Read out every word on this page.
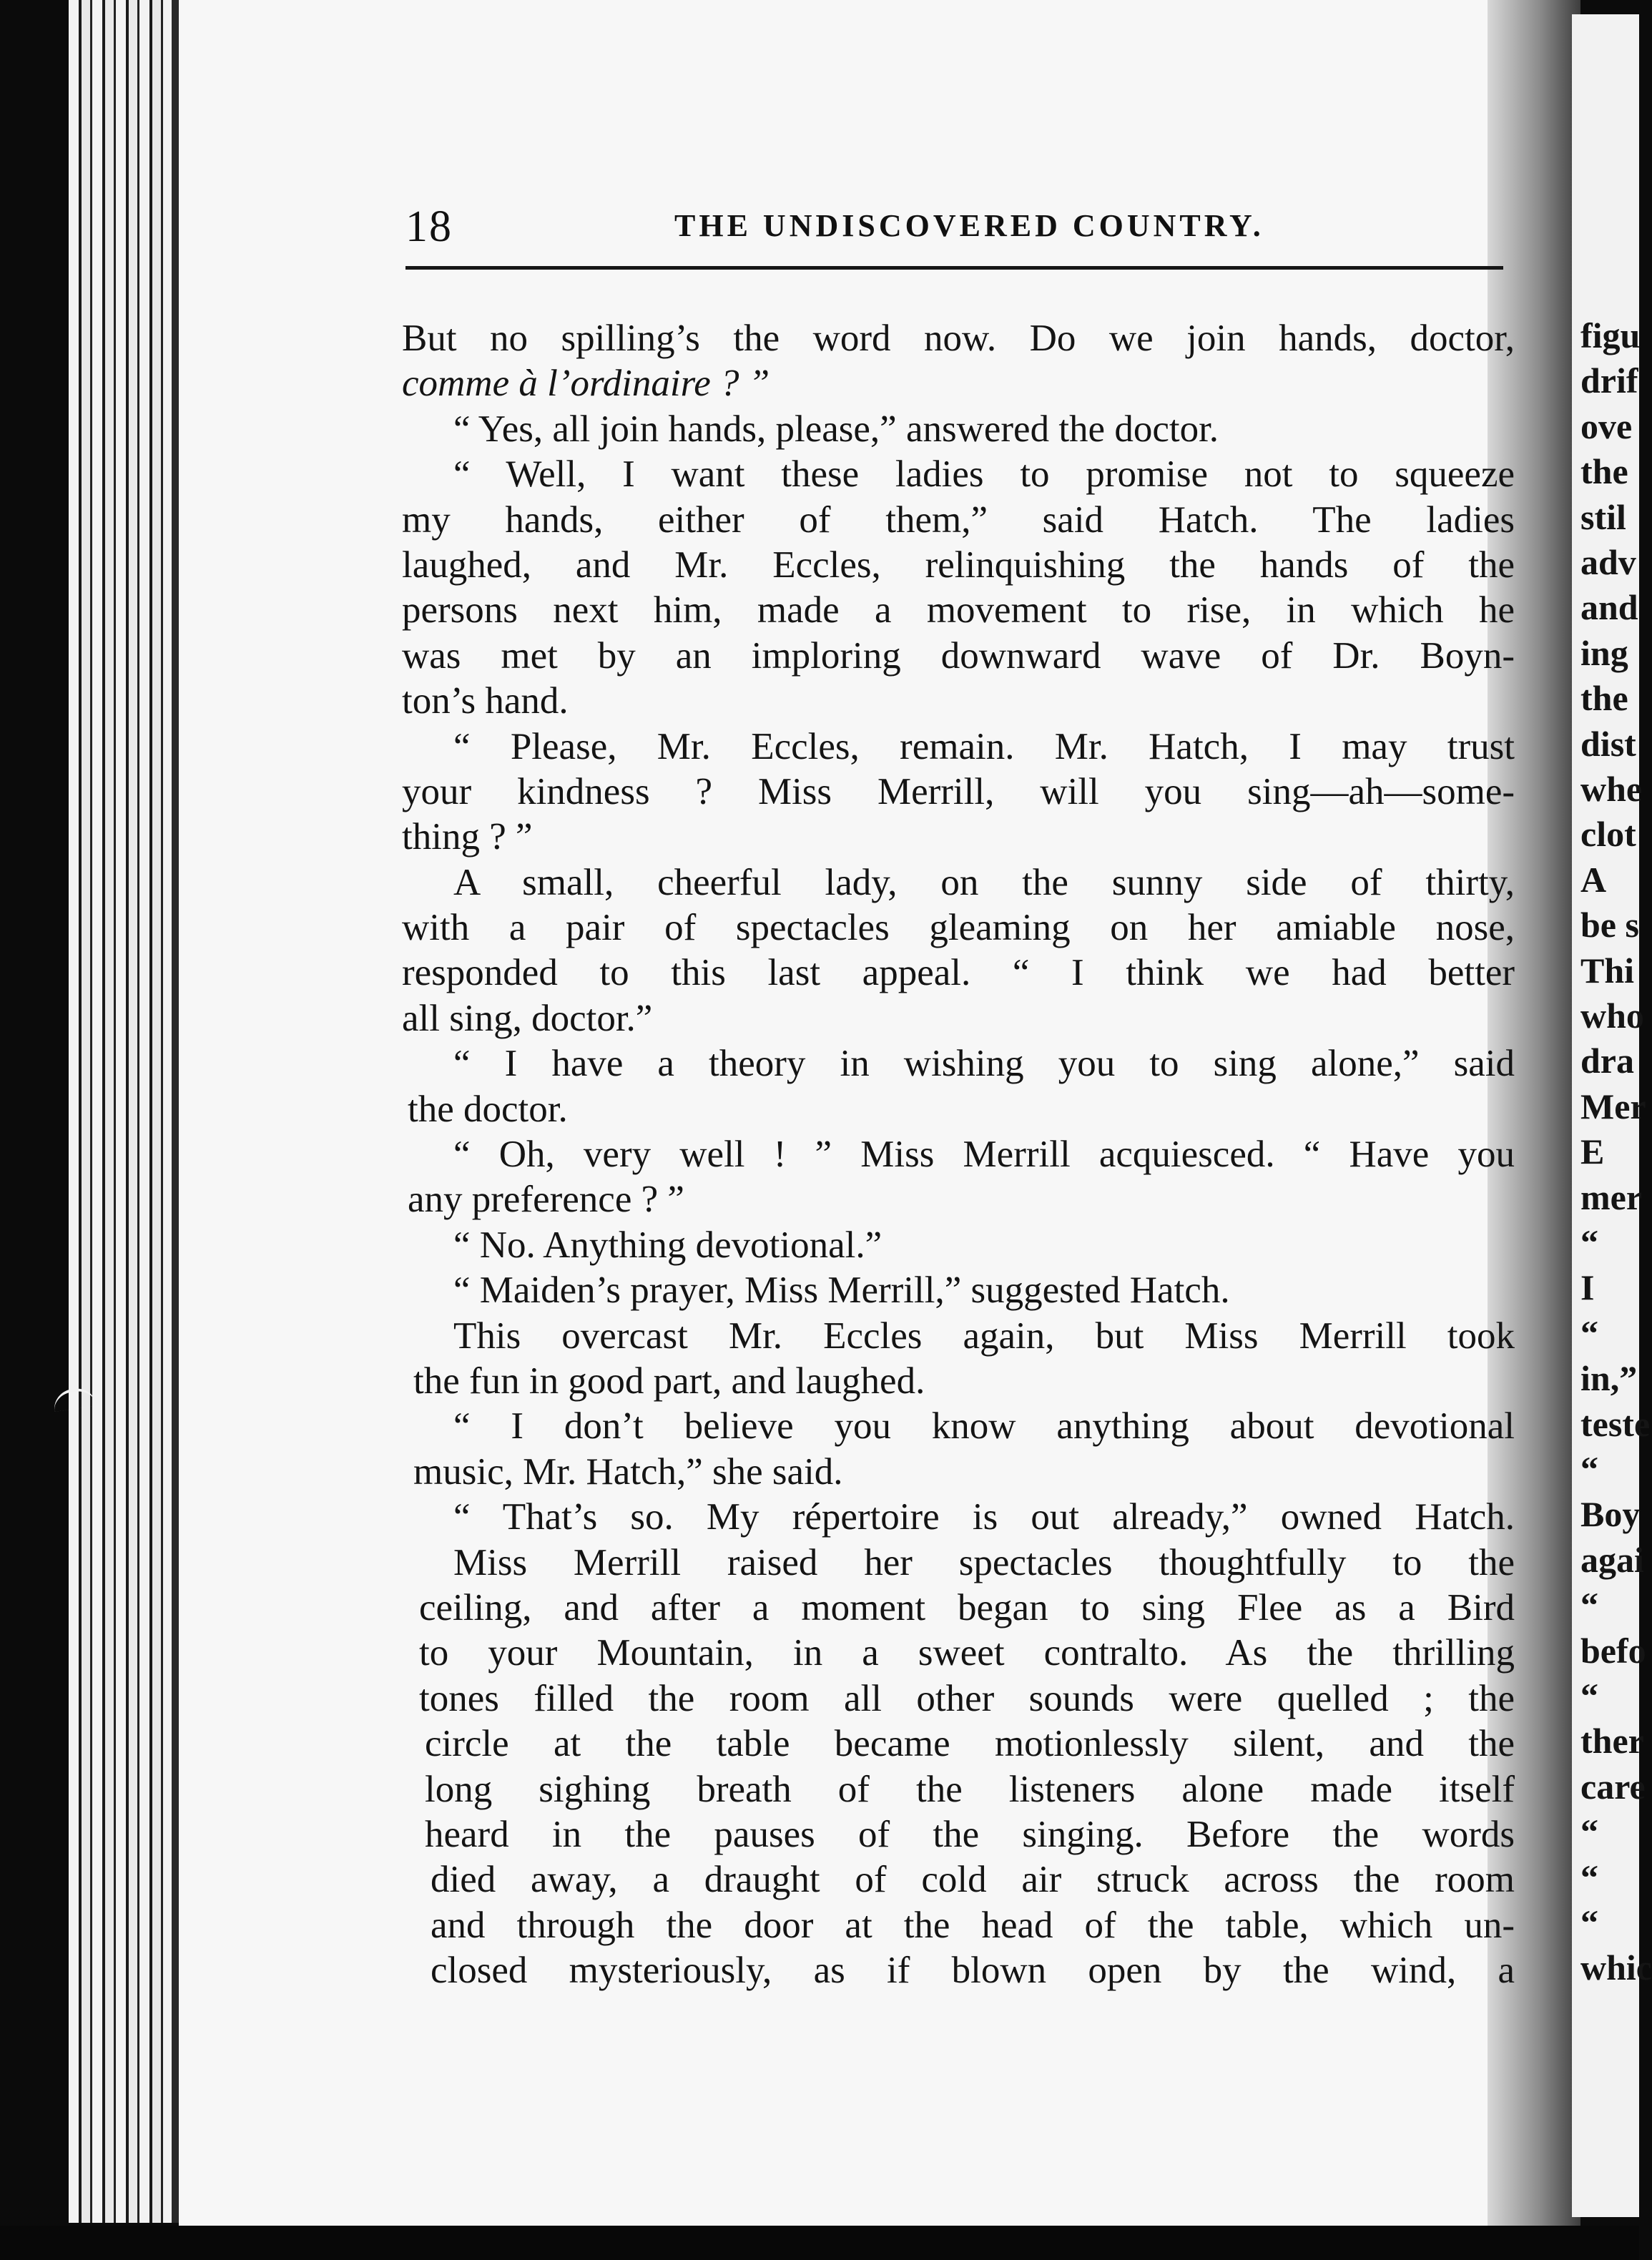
figu
drif
ove
the
stil
adv
and
ing
the
dist
whe
clot
A
be s
Thi
who
dra
Mer
E
mer
“
I
“
in,”
teste
“
Boy
agai
“
befo
“
ther
care
“
“
“
whic
18	THE UNDISCOVERED COUNTRY.
But no spilling’s the word now. Do we join hands, doctor,
comme à l’ordinaire ? ”
“ Yes, all join hands, please,” answered the doctor.
“ Well, I want these ladies to promise not to squeeze
my hands, either of them,” said Hatch. The ladies
laughed, and Mr. Eccles, relinquishing the hands of the
persons next him, made a movement to rise, in which he
was met by an imploring downward wave of Dr. Boyn-
ton’s hand.
“ Please, Mr. Eccles, remain. Mr. Hatch, I may trust
your kindness ? Miss Merrill, will you sing—ah—some-
thing ? ”
A small, cheerful lady, on the sunny side of thirty,
with a pair of spectacles gleaming on her amiable nose,
responded to this last appeal. “ I think we had better
all sing, doctor.”
“ I have a theory in wishing you to sing alone,” said
the doctor.
“ Oh, very well ! ” Miss Merrill acquiesced. “ Have you
any preference ? ”
“ No. Anything devotional.”
“ Maiden’s prayer, Miss Merrill,” suggested Hatch.
This overcast Mr. Eccles again, but Miss Merrill took
the fun in good part, and laughed.
“ I don’t believe you know anything about devotional
music, Mr. Hatch,” she said.
“ That’s so. My répertoire is out already,” owned Hatch.
Miss Merrill raised her spectacles thoughtfully to the
ceiling, and after a moment began to sing Flee as a Bird
to your Mountain, in a sweet contralto. As the thrilling
tones filled the room all other sounds were quelled ; the
circle at the table became motionlessly silent, and the
long sighing breath of the listeners alone made itself
heard in the pauses of the singing. Before the words
died away, a draught of cold air struck across the room
and through the door at the head of the table, which un-
closed mysteriously, as if blown open by the wind, a
